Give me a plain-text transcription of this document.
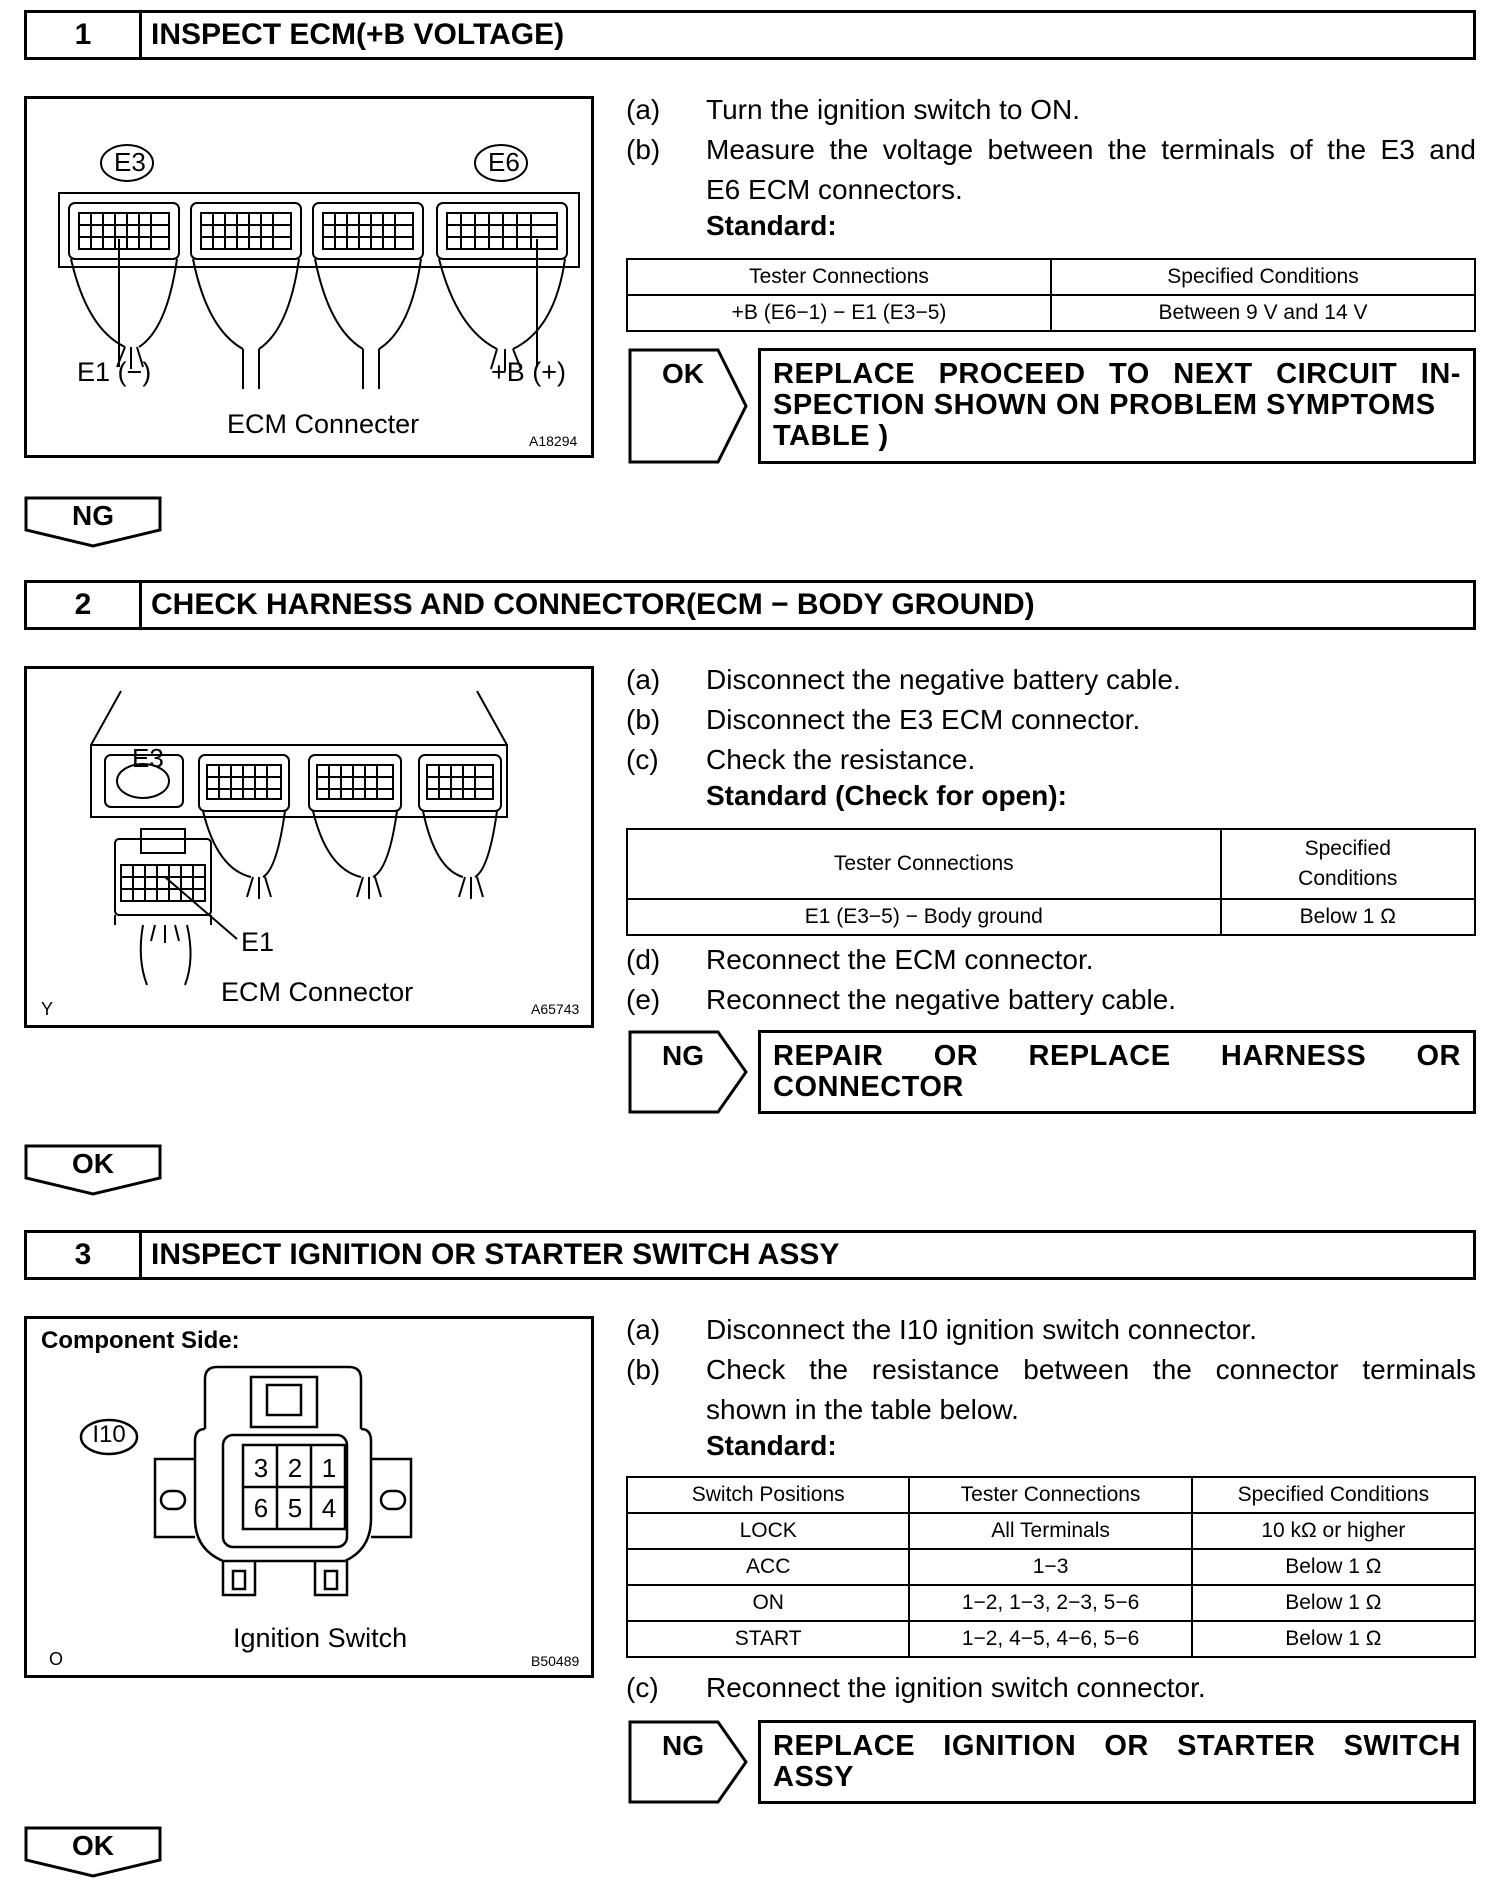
1	INSPECT ECM(+B VOLTAGE)
E3	E6
E1 (−)	+B (+)
ECM Connecter
A18294
(a)	Turn the ignition switch to ON.
(b)	Measure the voltage between the terminals of the E3 and
E6 ECM connectors.
Standard:
Tester Connections	Specified Conditions
+B (E6−1) − E1 (E3−5)	Between 9 V and 14 V
OK	REPLACE PROCEED TO NEXT CIRCUIT IN-
SPECTION SHOWN ON PROBLEM SYMPTOMS
TABLE )
NG
2	CHECK HARNESS AND CONNECTOR(ECM − BODY GROUND)
E3
E1
Y
ECM Connector
A65743
(a)	Disconnect the negative battery cable.
(b)	Disconnect the E3 ECM connector.
(c)	Check the resistance.
Standard (Check for open):
Tester Connections	Specified
Conditions
E1 (E3−5) − Body ground	Below 1 Ω
(d)	Reconnect the ECM connector.
(e)	Reconnect the negative battery cable.
NG	REPAIR OR REPLACE HARNESS OR
CONNECTOR
OK
3	INSPECT IGNITION OR STARTER SWITCH ASSY
Component Side:
I10
3 2 1
6 5 4
O
Ignition Switch
B50489
(a)	Disconnect the I10 ignition switch connector.
(b)	Check the resistance between the connector terminals
shown in the table below.
Standard:
Switch Positions	Tester Connections	Specified Conditions
LOCK	All Terminals	10 kΩ or higher
ACC	1−3	Below 1 Ω
ON	1−2, 1−3, 2−3, 5−6	Below 1 Ω
START	1−2, 4−5, 4−6, 5−6	Below 1 Ω
(c)	Reconnect the ignition switch connector.
NG	REPLACE IGNITION OR STARTER SWITCH
ASSY
OK
